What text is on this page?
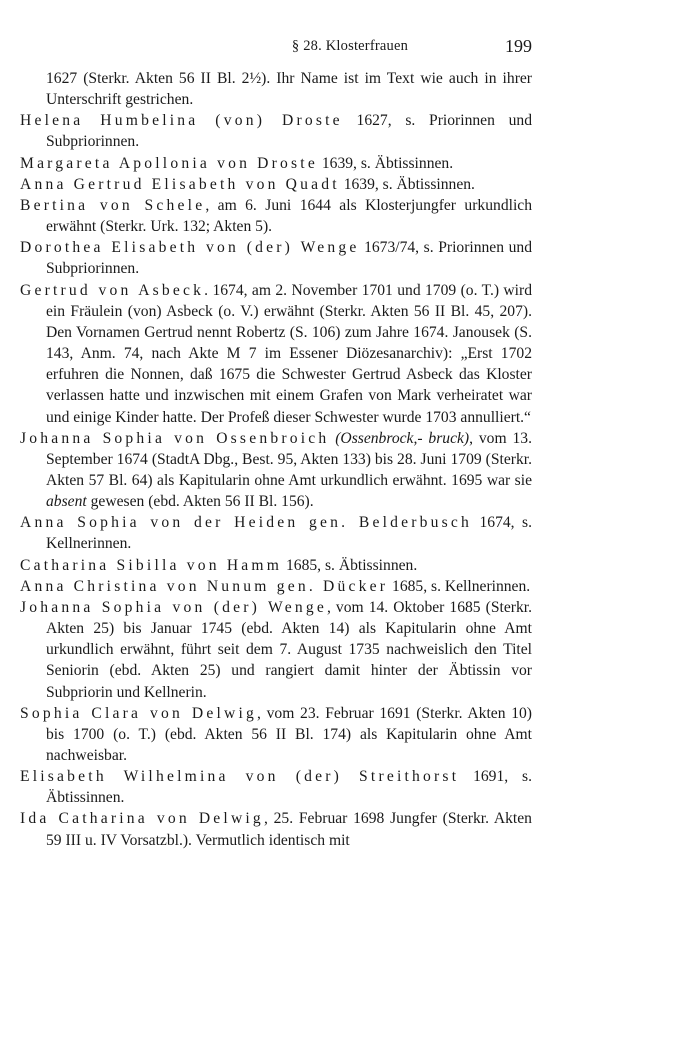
§ 28. Klosterfrauen	199

1627 (Sterkr. Akten 56 II Bl. 2½). Ihr Name ist im Text wie auch in ihrer Unterschrift gestrichen.

Helena Humbelina (von) Droste 1627, s. Priorinnen und Subpriorinnen.

Margareta Apollonia von Droste 1639, s. Äbtissinnen.

Anna Gertrud Elisabeth von Quadt 1639, s. Äbtissinnen.

Bertina von Schele, am 6. Juni 1644 als Klosterjungfer urkundlich erwähnt (Sterkr. Urk. 132; Akten 5).

Dorothea Elisabeth von (der) Wenge 1673/74, s. Priorinnen und Subpriorinnen.

Gertrud von Asbeck. 1674, am 2. November 1701 und 1709 (o. T.) wird ein Fräulein (von) Asbeck (o. V.) erwähnt (Sterkr. Akten 56 II Bl. 45, 207). Den Vornamen Gertrud nennt Robertz (S. 106) zum Jahre 1674. Janousek (S. 143, Anm. 74, nach Akte M 7 im Essener Diözesanarchiv): „Erst 1702 erfuhren die Nonnen, daß 1675 die Schwester Gertrud Asbeck das Kloster verlassen hatte und inzwischen mit einem Grafen von Mark verheiratet war und einige Kinder hatte. Der Profeß dieser Schwester wurde 1703 annulliert.“

Johanna Sophia von Ossenbroich (Ossenbrock,- bruck), vom 13. September 1674 (StadtA Dbg., Best. 95, Akten 133) bis 28. Juni 1709 (Sterkr. Akten 57 Bl. 64) als Kapitularin ohne Amt urkundlich erwähnt. 1695 war sie absent gewesen (ebd. Akten 56 II Bl. 156).

Anna Sophia von der Heiden gen. Belderbusch 1674, s. Kellnerinnen.

Catharina Sibilla von Hamm 1685, s. Äbtissinnen.

Anna Christina von Nunum gen. Dücker 1685, s. Kellnerinnen.

Johanna Sophia von (der) Wenge, vom 14. Oktober 1685 (Sterkr. Akten 25) bis Januar 1745 (ebd. Akten 14) als Kapitularin ohne Amt urkundlich erwähnt, führt seit dem 7. August 1735 nachweislich den Titel Seniorin (ebd. Akten 25) und rangiert damit hinter der Äbtissin vor Subpriorin und Kellnerin.

Sophia Clara von Delwig, vom 23. Februar 1691 (Sterkr. Akten 10) bis 1700 (o. T.) (ebd. Akten 56 II Bl. 174) als Kapitularin ohne Amt nachweisbar.

Elisabeth Wilhelmina von (der) Streithorst 1691, s. Äbtissinnen.

Ida Catharina von Delwig, 25. Februar 1698 Jungfer (Sterkr. Akten 59 III u. IV Vorsatzbl.). Vermutlich identisch mit
